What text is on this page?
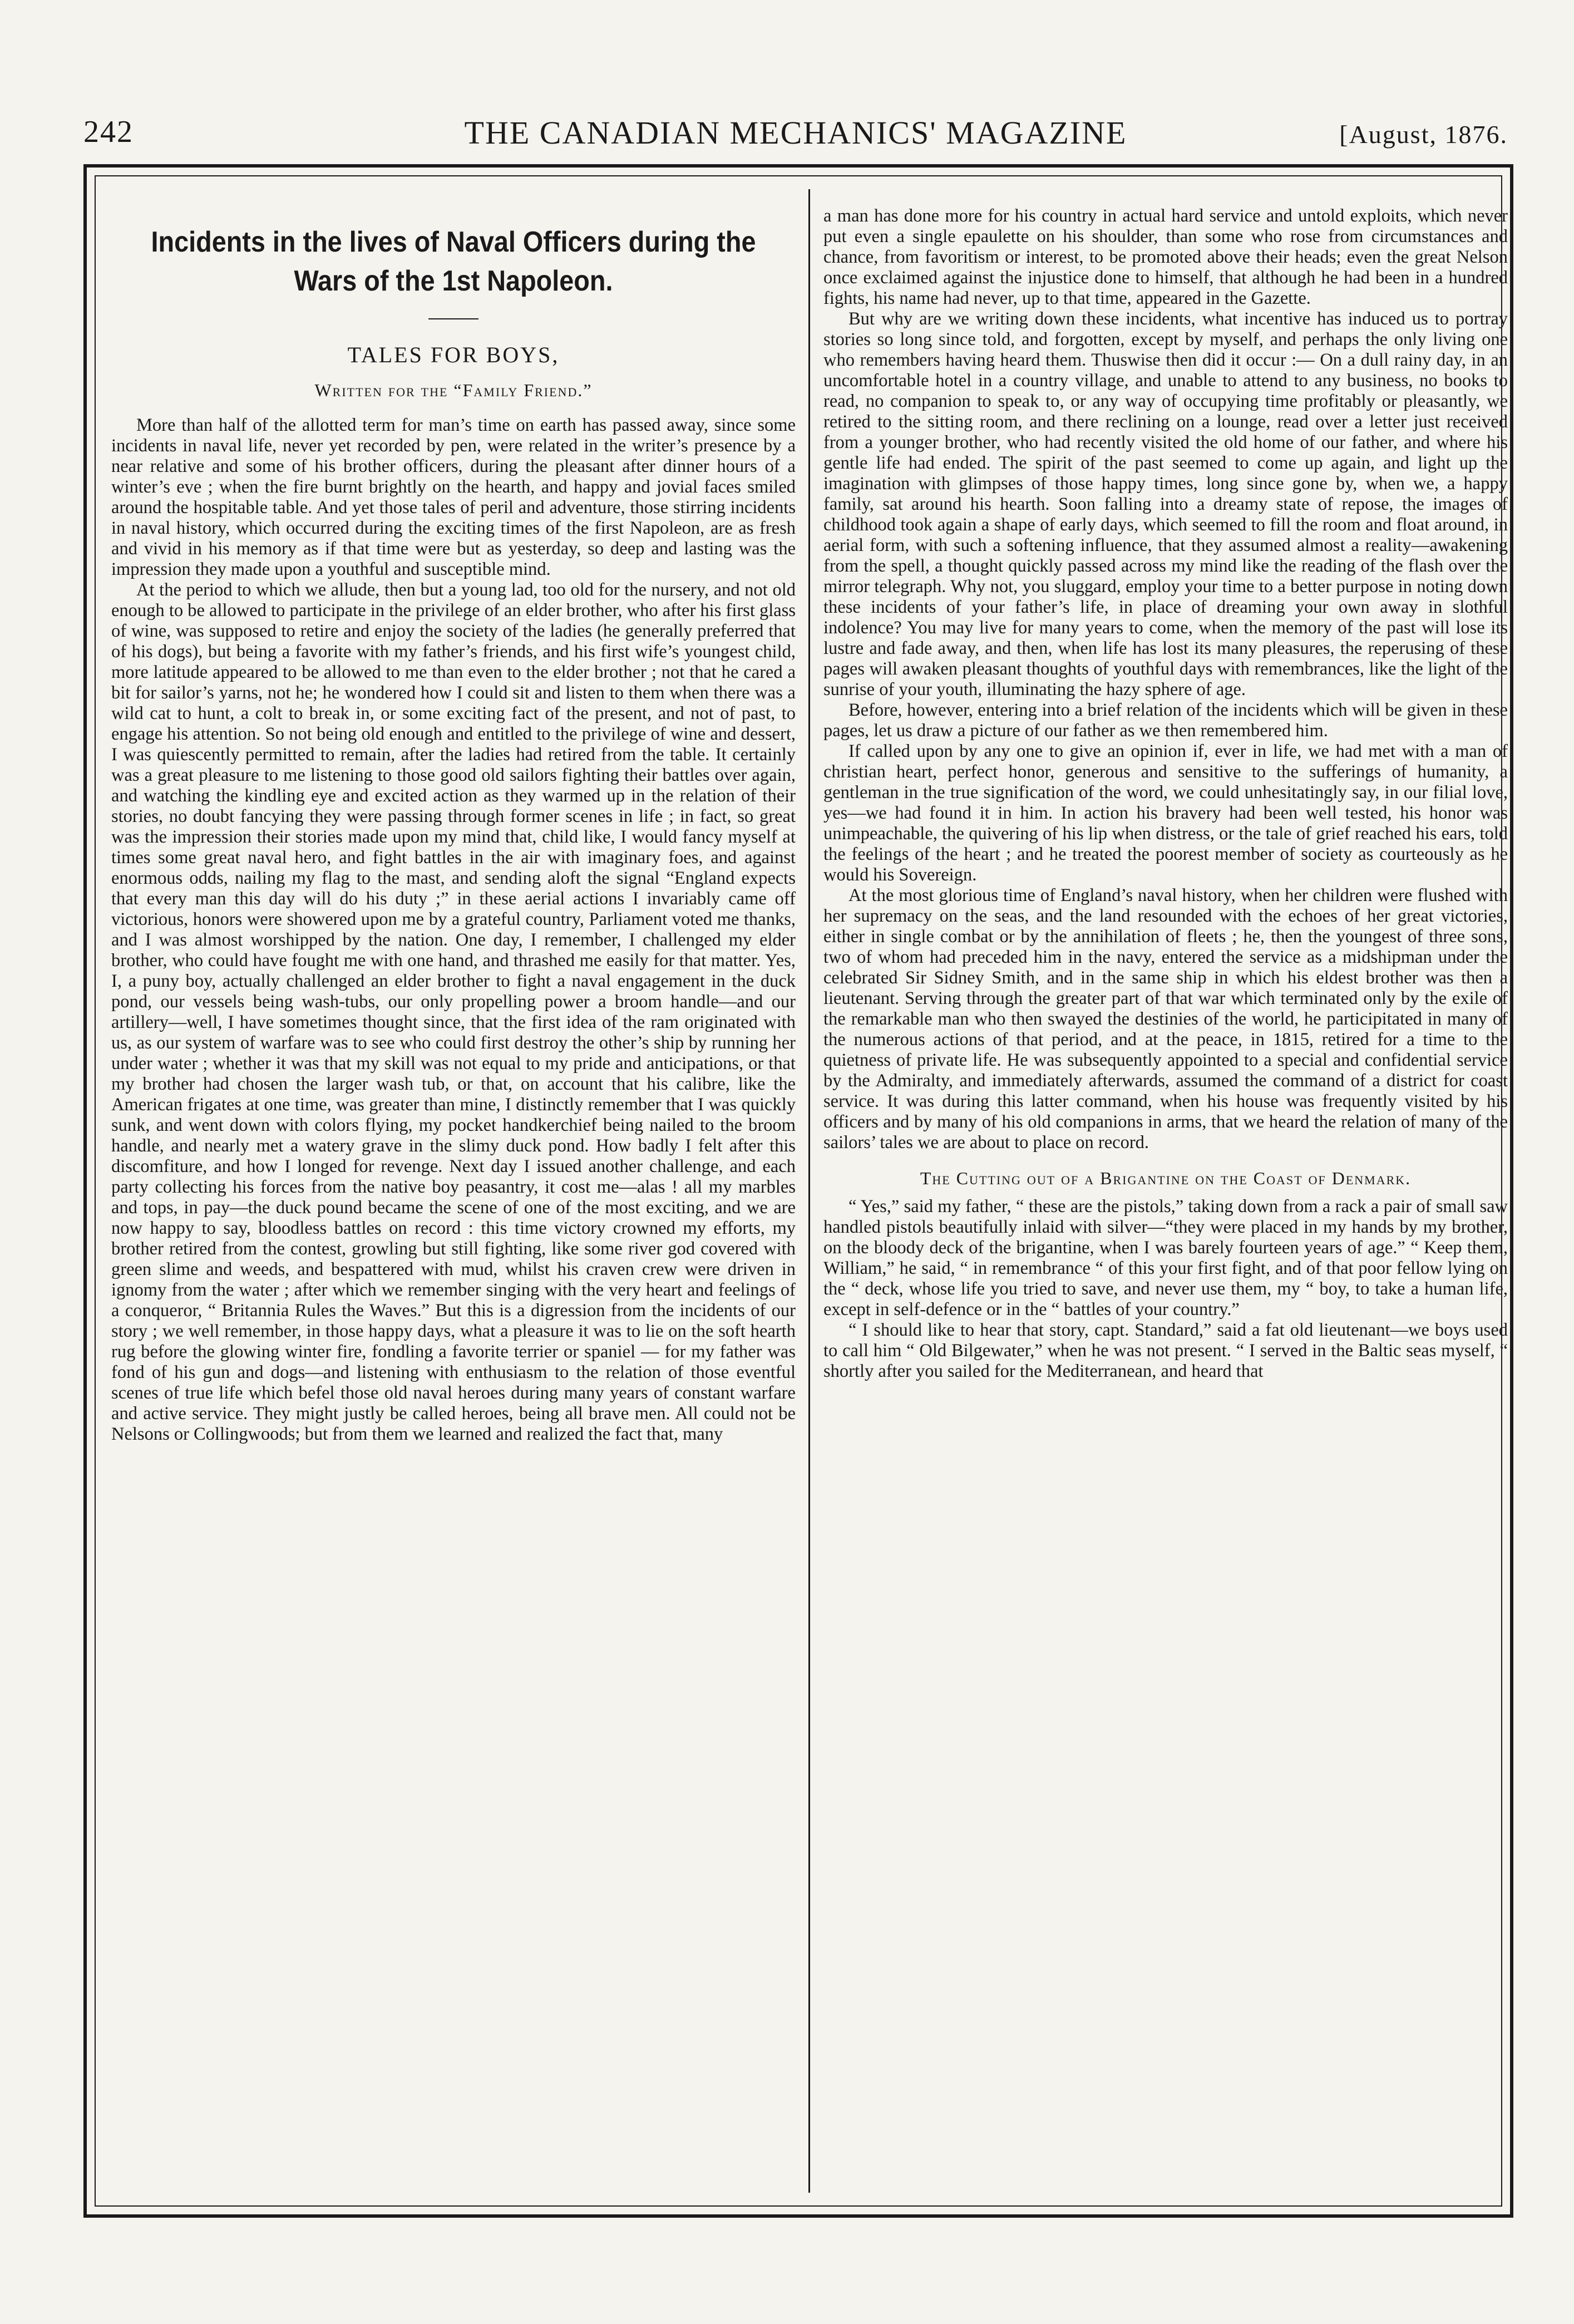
242	THE CANADIAN MECHANICS' MAGAZINE	[August, 1876.
Incidents in the lives of Naval Officers during the Wars of the 1st Napoleon.
TALES FOR BOYS,
Written for the “Family Friend.”

More than half of the allotted term for man’s time on earth has passed away, since some incidents in naval life, never yet recorded by pen, were related in the writer’s presence by a near relative and some of his brother officers, during the pleasant after dinner hours of a winter’s eve ; when the fire burnt brightly on the hearth, and happy and jovial faces smiled around the hospitable table. And yet those tales of peril and adventure, those stirring incidents in naval history, which occurred during the exciting times of the first Napoleon, are as fresh and vivid in his memory as if that time were but as yesterday, so deep and lasting was the impression they made upon a youthful and susceptible mind.

At the period to which we allude, then but a young lad, too old for the nursery, and not old enough to be allowed to participate in the privilege of an elder brother, who after his first glass of wine, was supposed to retire and enjoy the society of the ladies (he generally preferred that of his dogs), but being a favorite with my father’s friends, and his first wife’s youngest child, more latitude appeared to be allowed to me than even to the elder brother ; not that he cared a bit for sailor’s yarns, not he; he wondered how I could sit and listen to them when there was a wild cat to hunt, a colt to break in, or some exciting fact of the present, and not of past, to engage his attention. So not being old enough and entitled to the privilege of wine and dessert, I was quiescently permitted to remain, after the ladies had retired from the table. It certainly was a great pleasure to me listening to those good old sailors fighting their battles over again, and watching the kindling eye and excited action as they warmed up in the relation of their stories, no doubt fancying they were passing through former scenes in life ; in fact, so great was the impression their stories made upon my mind that, child like, I would fancy myself at times some great naval hero, and fight battles in the air with imaginary foes, and against enormous odds, nailing my flag to the mast, and sending aloft the signal “England expects that every man this day will do his duty ;” in these aerial actions I invariably came off victorious, honors were showered upon me by a grateful country, Parliament voted me thanks, and I was almost worshipped by the nation. One day, I remember, I challenged my elder brother, who could have fought me with one hand, and thrashed me easily for that matter. Yes, I, a puny boy, actually challenged an elder brother to fight a naval engagement in the duck pond, our vessels being wash-tubs, our only propelling power a broom handle—and our artillery—well, I have sometimes thought since, that the first idea of the ram originated with us, as our system of warfare was to see who could first destroy the other’s ship by running her under water ; whether it was that my skill was not equal to my pride and anticipations, or that my brother had chosen the larger wash tub, or that, on account that his calibre, like the American frigates at one time, was greater than mine, I distinctly remember that I was quickly sunk, and went down with colors flying, my pocket handkerchief being nailed to the broom handle, and nearly met a watery grave in the slimy duck pond. How badly I felt after this discomfiture, and how I longed for revenge. Next day I issued another challenge, and each party collecting his forces from the native boy peasantry, it cost me—alas ! all my marbles and tops, in pay—the duck pound became the scene of one of the most exciting, and we are now happy to say, bloodless battles on record : this time victory crowned my efforts, my brother retired from the contest, growling but still fighting, like some river god covered with green slime and weeds, and bespattered with mud, whilst his craven crew were driven in ignomy from the water ; after which we remember singing with the very heart and feelings of a conqueror, “ Britannia Rules the Waves.” But this is a digression from the incidents of our story ; we well remember, in those happy days, what a pleasure it was to lie on the soft hearth rug before the glowing winter fire, fondling a favorite terrier or spaniel — for my father was fond of his gun and dogs—and listening with enthusiasm to the relation of those eventful scenes of true life which befel those old naval heroes during many years of constant warfare and active service. They might justly be called heroes, being all brave men. All could not be Nelsons or Collingwoods; but from them we learned and realized the fact that, many

a man has done more for his country in actual hard service and untold exploits, which never put even a single epaulette on his shoulder, than some who rose from circumstances and chance, from favoritism or interest, to be promoted above their heads; even the great Nelson once exclaimed against the injustice done to himself, that although he had been in a hundred fights, his name had never, up to that time, appeared in the Gazette.

But why are we writing down these incidents, what incentive has induced us to portray stories so long since told, and forgotten, except by myself, and perhaps the only living one who remembers having heard them. Thuswise then did it occur :— On a dull rainy day, in an uncomfortable hotel in a country village, and unable to attend to any business, no books to read, no companion to speak to, or any way of occupying time profitably or pleasantly, we retired to the sitting room, and there reclining on a lounge, read over a letter just received from a younger brother, who had recently visited the old home of our father, and where his gentle life had ended. The spirit of the past seemed to come up again, and light up the imagination with glimpses of those happy times, long since gone by, when we, a happy family, sat around his hearth. Soon falling into a dreamy state of repose, the images of childhood took again a shape of early days, which seemed to fill the room and float around, in aerial form, with such a softening influence, that they assumed almost a reality—awakening from the spell, a thought quickly passed across my mind like the reading of the flash over the mirror telegraph. Why not, you sluggard, employ your time to a better purpose in noting down these incidents of your father’s life, in place of dreaming your own away in slothful indolence? You may live for many years to come, when the memory of the past will lose its lustre and fade away, and then, when life has lost its many pleasures, the reperusing of these pages will awaken pleasant thoughts of youthful days with remembrances, like the light of the sunrise of your youth, illuminating the hazy sphere of age.

Before, however, entering into a brief relation of the incidents which will be given in these pages, let us draw a picture of our father as we then remembered him.

If called upon by any one to give an opinion if, ever in life, we had met with a man of christian heart, perfect honor, generous and sensitive to the sufferings of humanity, a gentleman in the true signification of the word, we could unhesitatingly say, in our filial love, yes—we had found it in him. In action his bravery had been well tested, his honor was unimpeachable, the quivering of his lip when distress, or the tale of grief reached his ears, told the feelings of the heart ; and he treated the poorest member of society as courteously as he would his Sovereign.

At the most glorious time of England’s naval history, when her children were flushed with her supremacy on the seas, and the land resounded with the echoes of her great victories, either in single combat or by the annihilation of fleets ; he, then the youngest of three sons, two of whom had preceded him in the navy, entered the service as a midshipman under the celebrated Sir Sidney Smith, and in the same ship in which his eldest brother was then a lieutenant. Serving through the greater part of that war which terminated only by the exile of the remarkable man who then swayed the destinies of the world, he participitated in many of the numerous actions of that period, and at the peace, in 1815, retired for a time to the quietness of private life. He was subsequently appointed to a special and confidential service by the Admiralty, and immediately afterwards, assumed the command of a district for coast service. It was during this latter command, when his house was frequently visited by his officers and by many of his old companions in arms, that we heard the relation of many of the sailors’ tales we are about to place on record.

The Cutting out of a Brigantine on the Coast of Denmark.

“ Yes,” said my father, “ these are the pistols,” taking down from a rack a pair of small saw handled pistols beautifully inlaid with silver—“they were placed in my hands by my brother, on the bloody deck of the brigantine, when I was barely fourteen years of age.” “ Keep them, William,” he said, “ in remembrance “ of this your first fight, and of that poor fellow lying on the “ deck, whose life you tried to save, and never use them, my “ boy, to take a human life, except in self-defence or in the “ battles of your country.”

“ I should like to hear that story, capt. Standard,” said a fat old lieutenant—we boys used to call him “ Old Bilgewater,” when he was not present. “ I served in the Baltic seas myself, “ shortly after you sailed for the Mediterranean, and heard that
